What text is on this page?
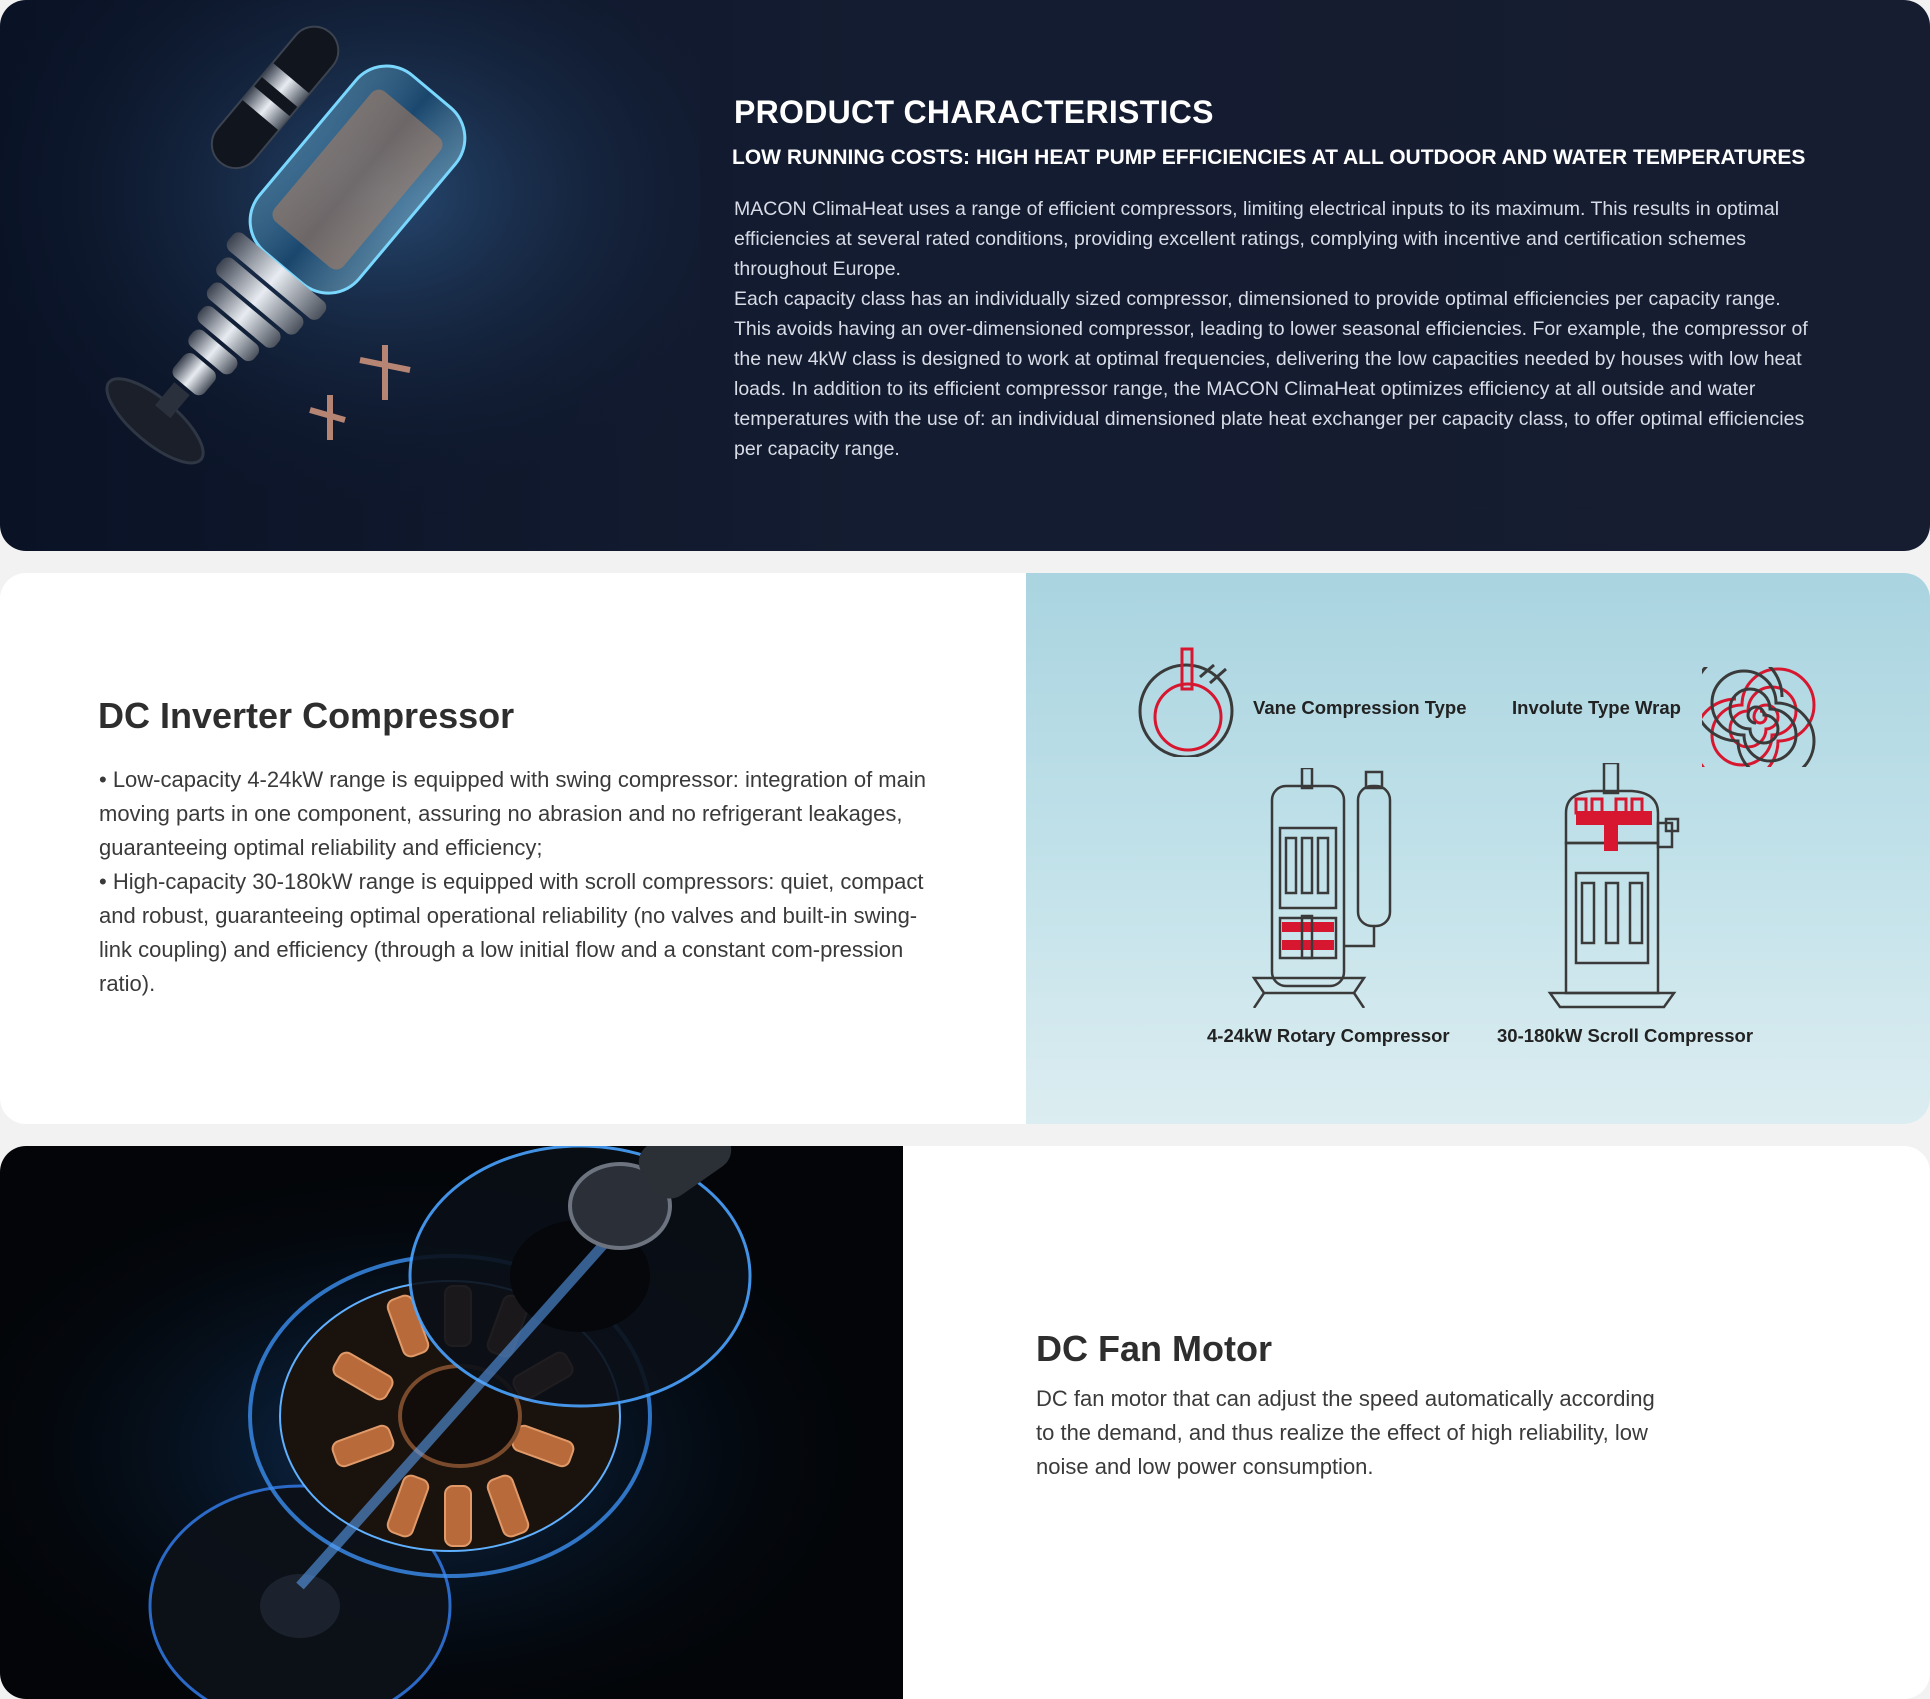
PRODUCT CHARACTERISTICS
LOW RUNNING COSTS: HIGH HEAT PUMP EFFICIENCIES AT ALL OUTDOOR AND WATER TEMPERATURES

MACON ClimaHeat uses a range of efficient compressors, limiting electrical inputs to its maximum. This results in optimal efficiencies at several rated conditions, providing excellent ratings, complying with incentive and certification schemes throughout Europe.

Each capacity class has an individually sized compressor, dimensioned to provide optimal efficiencies per capacity range. This avoids having an over-dimensioned compressor, leading to lower seasonal efficiencies. For example, the compressor of the new 4kW class is designed to work at optimal frequencies, delivering the low capacities needed by houses with low heat loads. In addition to its efficient compressor range, the MACON ClimaHeat optimizes efficiency at all outside and water temperatures with the use of: an individual dimensioned plate heat exchanger per capacity class, to offer optimal efficiencies per capacity range.

DC Inverter Compressor

• Low-capacity 4-24kW range is equipped with swing compressor: integration of main moving parts in one component, assuring no abrasion and no refrigerant leakages, guaranteeing optimal reliability and efficiency;

• High-capacity 30-180kW range is equipped with scroll compressors: quiet, compact and robust, guaranteeing optimal operational reliability (no valves and built-in swing-link coupling) and efficiency (through a low initial flow and a constant com-pression ratio).

Vane Compression Type Involute Type Wrap
4-24kW Rotary Compressor	30-180kW Scroll Compressor
DC Fan Motor

DC fan motor that can adjust the speed automatically according to the demand, and thus realize the effect of high reliability, low noise and low power consumption.
